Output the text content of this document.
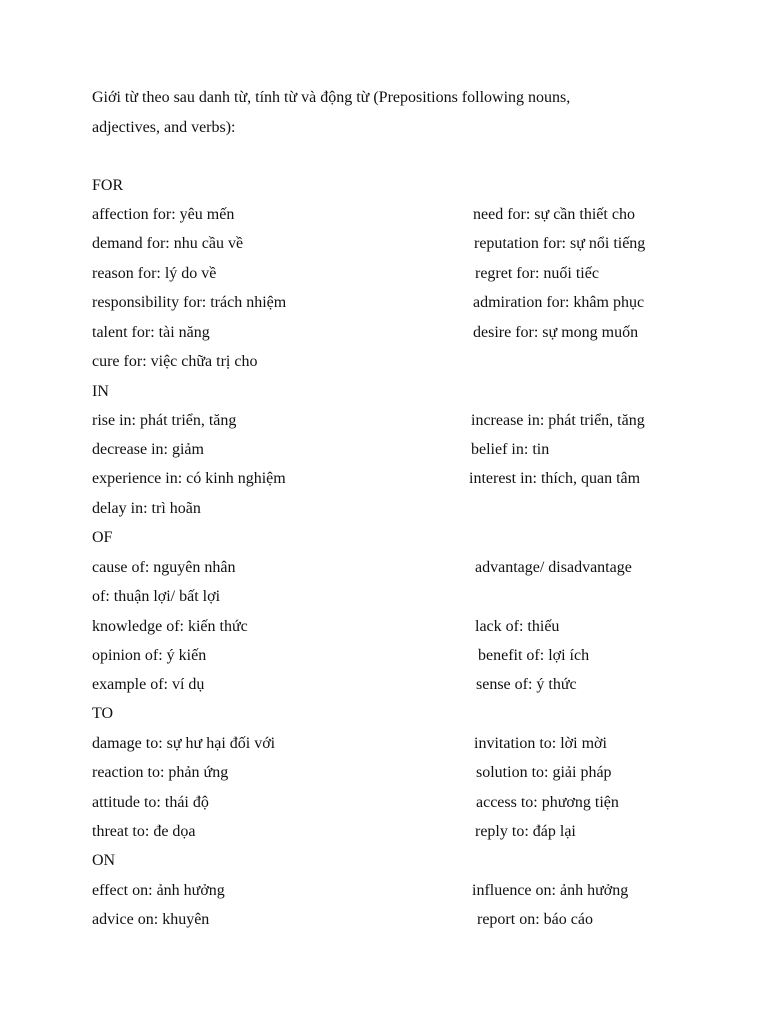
Giới từ theo sau danh từ, tính từ và động từ (Prepositions following nouns,
adjectives, and verbs):
FOR
affection for: yêu mến	need for: sự cần thiết cho
demand for: nhu cầu về	reputation for: sự nổi tiếng
reason for: lý do về	regret for: nuối tiếc
responsibility for: trách nhiệm	admiration for: khâm phục
talent for: tài năng	desire for: sự mong muốn
cure for: việc chữa trị cho
IN
rise in: phát triển, tăng	increase in: phát triển, tăng
decrease in: giảm	belief in: tin
experience in: có kinh nghiệm	interest in: thích, quan tâm
delay in: trì hoãn
OF
cause of: nguyên nhân	advantage/ disadvantage
of: thuận lợi/ bất lợi
knowledge of: kiến thức	lack of: thiếu
opinion of: ý kiến	benefit of: lợi ích
example of: ví dụ	sense of: ý thức
TO
damage to: sự hư hại đối với	invitation to: lời mời
reaction to: phản ứng	solution to: giải pháp
attitude to: thái độ	access to: phương tiện
threat to: đe dọa	reply to: đáp lại
ON
effect on: ảnh hưởng	influence on: ảnh hưởng
advice on: khuyên	report on: báo cáo
